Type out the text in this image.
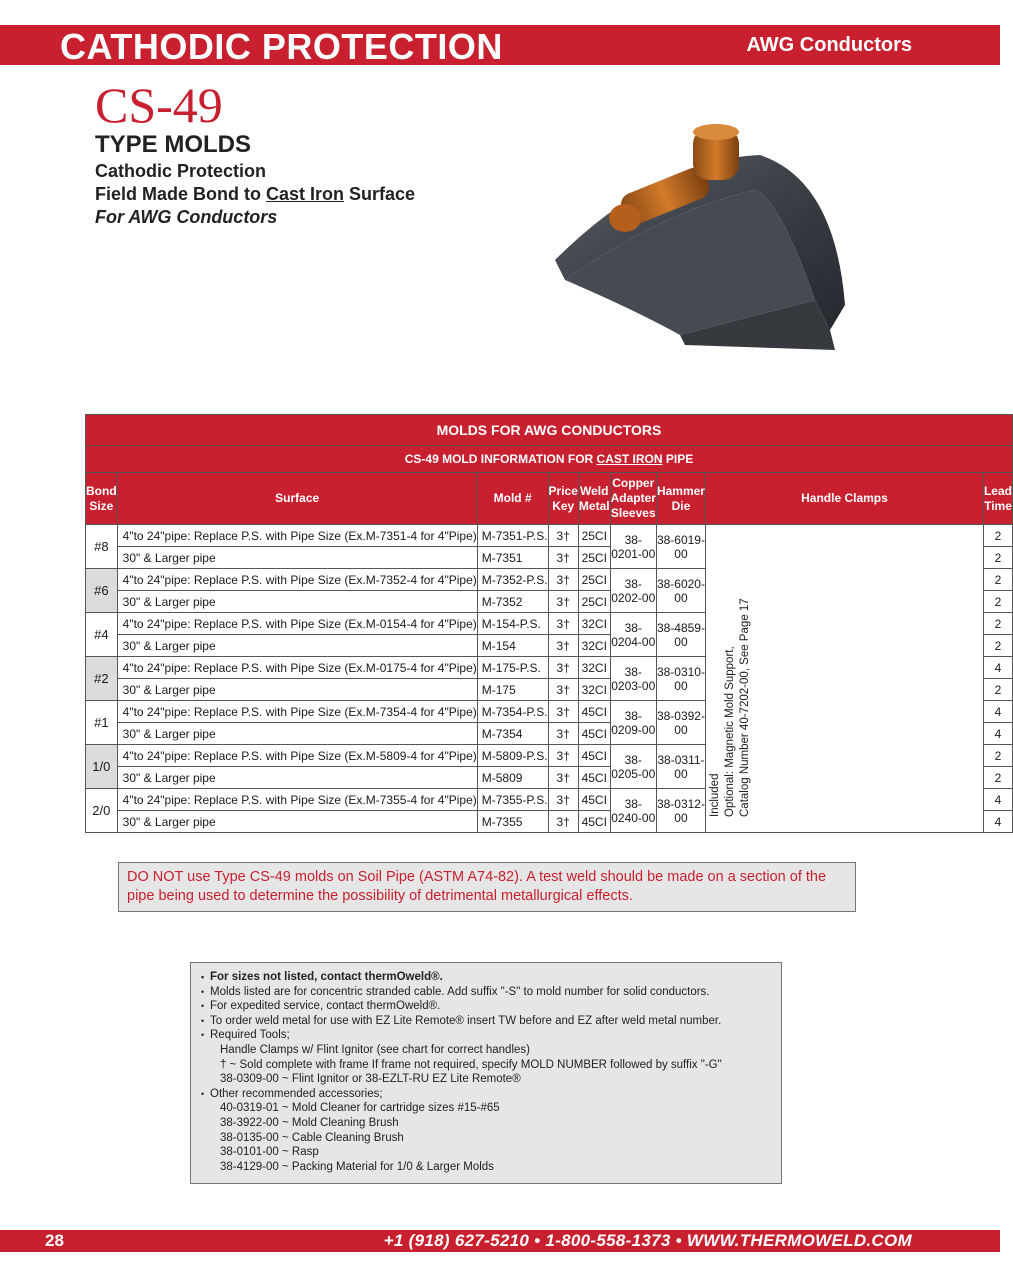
CATHODIC PROTECTION	AWG Conductors
CS-49
TYPE MOLDS
Cathodic Protection
Field Made Bond to Cast Iron Surface
For AWG Conductors
MOLDS FOR AWG CONDUCTORS								
CS-49 MOLD INFORMATION FOR CAST IRON PIPE								
Bond Size	Surface	Mold #	Price Key	Weld Metal	Copper Adapter Sleeves	Hammer Die	Handle Clamps	Lead Time
#8	4"to 24"pipe: Replace P.S. with Pipe Size (Ex.M-7351-4 for 4"Pipe)	M-7351-P.S.	3†	25CI	38-0201-00	38-6019-00	Included Optional: Magnetic Mold Support, Catalog Number 40-7202-00, See Page 17	2
	30" & Larger pipe	M-7351	3†	25CI				2
#6	4"to 24"pipe: Replace P.S. with Pipe Size (Ex.M-7352-4 for 4"Pipe)	M-7352-P.S.	3†	25CI	38-0202-00	38-6020-00		2
	30" & Larger pipe	M-7352	3†	25CI				2
#4	4"to 24"pipe: Replace P.S. with Pipe Size (Ex.M-0154-4 for 4"Pipe)	M-154-P.S.	3†	32CI	38-0204-00	38-4859-00		2
	30" & Larger pipe	M-154	3†	32CI				2
#2	4"to 24"pipe: Replace P.S. with Pipe Size (Ex.M-0175-4 for 4"Pipe)	M-175-P.S.	3†	32CI	38-0203-00	38-0310-00		4
	30" & Larger pipe	M-175	3†	32CI				2
#1	4"to 24"pipe: Replace P.S. with Pipe Size (Ex.M-7354-4 for 4"Pipe)	M-7354-P.S.	3†	45CI	38-0209-00	38-0392-00		4
	30" & Larger pipe	M-7354	3†	45CI				4
1/0	4"to 24"pipe: Replace P.S. with Pipe Size (Ex.M-5809-4 for 4"Pipe)	M-5809-P.S.	3†	45CI	38-0205-00	38-0311-00		2
	30" & Larger pipe	M-5809	3†	45CI				2
2/0	4"to 24"pipe: Replace P.S. with Pipe Size (Ex.M-7355-4 for 4"Pipe)	M-7355-P.S.	3†	45CI	38-0240-00	38-0312-00		4
	30" & Larger pipe	M-7355	3†	45CI				4
DO NOT use Type CS-49 molds on Soil Pipe (ASTM A74-82). A test weld should be made on a section of the pipe being used to determine the possibility of detrimental metallurgical effects.
• For sizes not listed, contact thermOweld®.
• Molds listed are for concentric stranded cable. Add suffix "-S" to mold number for solid conductors.
• For expedited service, contact thermOweld®.
• To order weld metal for use with EZ Lite Remote® insert TW before and EZ after weld metal number.
• Required Tools;
Handle Clamps w/ Flint Ignitor (see chart for correct handles)
† ~ Sold complete with frame If frame not required, specify MOLD NUMBER followed by suffix "-G"
38-0309-00 ~ Flint Ignitor or 38-EZLT-RU EZ Lite Remote®
• Other recommended accessories;
40-0319-01 ~ Mold Cleaner for cartridge sizes #15-#65
38-3922-00 ~ Mold Cleaning Brush
38-0135-00 ~ Cable Cleaning Brush
38-0101-00 ~ Rasp
38-4129-00 ~ Packing Material for 1/0 & Larger Molds
28	+1 (918) 627-5210 • 1-800-558-1373 • WWW.THERMOWELD.COM
